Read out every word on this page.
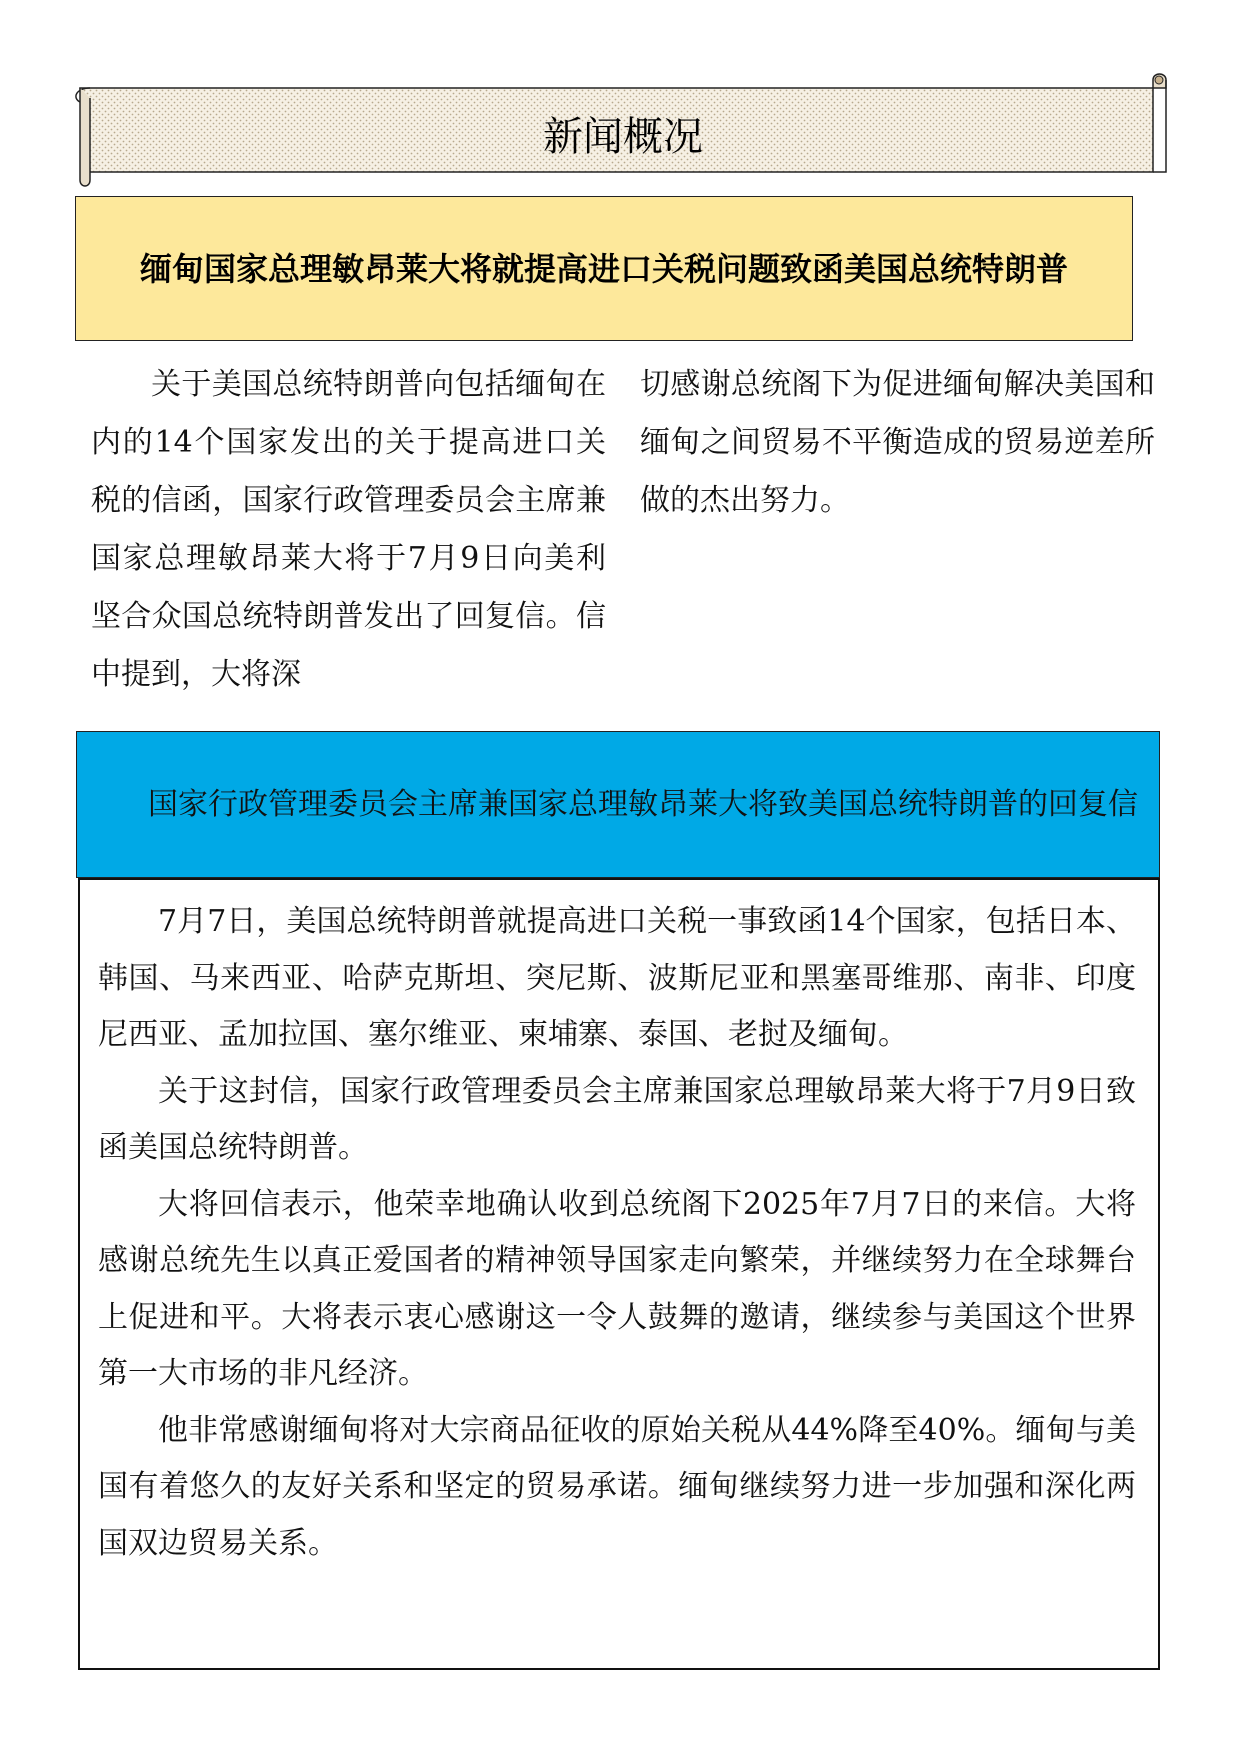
新闻概况
缅甸国家总理敏昂莱大将就提高进口关税问题致函美国总统特朗普

关于美国总统特朗普向包括缅甸在内的14个国家发出的关于提高进口关税的信函，国家行政管理委员会主席兼国家总理敏昂莱大将于7月9日向美利坚合众国总统特朗普发出了回复信。信中提到，大将深

切感谢总统阁下为促进缅甸解决美国和缅甸之间贸易不平衡造成的贸易逆差所做的杰出努力。

国家行政管理委员会主席兼国家总理敏昂莱大将致美国总统特朗普的回复信

7月7日，美国总统特朗普就提高进口关税一事致函14个国家，包括日本、韩国、马来西亚、哈萨克斯坦、突尼斯、波斯尼亚和黑塞哥维那、南非、印度尼西亚、孟加拉国、塞尔维亚、柬埔寨、泰国、老挝及缅甸。

关于这封信，国家行政管理委员会主席兼国家总理敏昂莱大将于7月9日致函美国总统特朗普。

大将回信表示，他荣幸地确认收到总统阁下2025年7月7日的来信。大将感谢总统先生以真正爱国者的精神领导国家走向繁荣，并继续努力在全球舞台上促进和平。大将表示衷心感谢这一令人鼓舞的邀请，继续参与美国这个世界第一大市场的非凡经济。

他非常感谢缅甸将对大宗商品征收的原始关税从44%降至40%。缅甸与美国有着悠久的友好关系和坚定的贸易承诺。缅甸继续努力进一步加强和深化两国双边贸易关系。
